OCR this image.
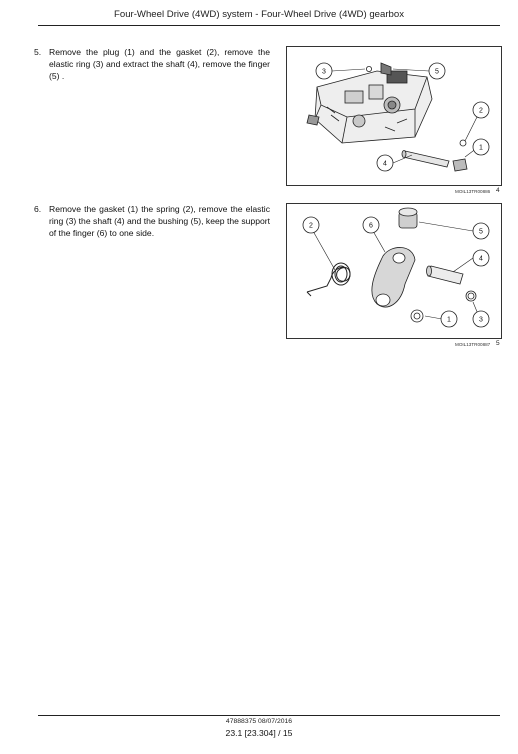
Four-Wheel Drive (4WD) system - Four-Wheel Drive (4WD) gearbox
5. Remove the plug (1) and the gasket (2), remove the elastic ring (3) and extract the shaft (4), remove the finger (5) .	3	5
2
1
4
MOIL13TR00886 4
6. Remove the gasket (1) the spring (2), remove the elastic ring (3) the shaft (4) and the bushing (5), keep the support of the finger (6) to one side.
2	6
5
4
1	3
MOIL13TR00887 5
47888375 08/07/2016
23.1 [23.304] / 15
